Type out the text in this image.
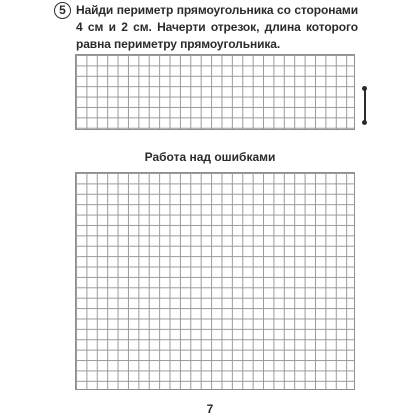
5 Найди периметр прямоугольника со сторонами 4 см и 2 см. Начерти отрезок, длина которого равна периметру прямоугольника.
Работа над ошибками
7
